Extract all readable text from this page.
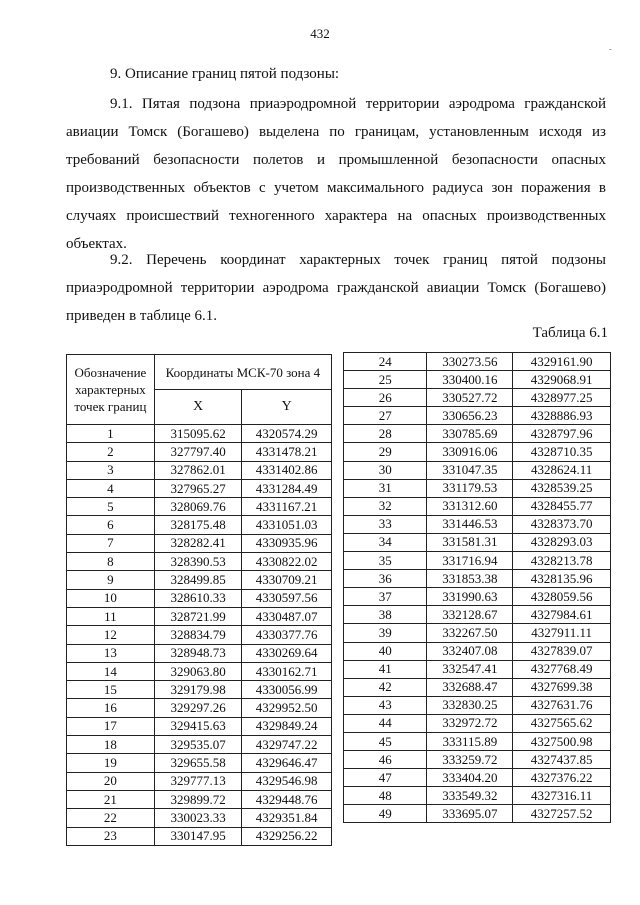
432
-
9. Описание границ пятой подзоны:

9.1. Пятая подзона приаэродромной территории аэродрома гражданской авиации Томск (Богашево) выделена по границам, установленным исходя из требований безопасности полетов и промышленной безопасности опасных производственных объектов с учетом максимального радиуса зон поражения в случаях происшествий техногенного характера на опасных производственных объектах.

9.2. Перечень координат характерных точек границ пятой подзоны приаэродромной территории аэродрома гражданской авиации Томск (Богашево) приведен в таблице 6.1.

Таблица 6.1
Обозначение характерных точек границ	Координаты МСК-70 зона 4	
	X	Y
1	315095.62	4320574.29
2	327797.40	4331478.21
3	327862.01	4331402.86
4	327965.27	4331284.49
5	328069.76	4331167.21
6	328175.48	4331051.03
7	328282.41	4330935.96
8	328390.53	4330822.02
9	328499.85	4330709.21
10	328610.33	4330597.56
11	328721.99	4330487.07
12	328834.79	4330377.76
13	328948.73	4330269.64
14	329063.80	4330162.71
15	329179.98	4330056.99
16	329297.26	4329952.50
17	329415.63	4329849.24
18	329535.07	4329747.22
19	329655.58	4329646.47
20	329777.13	4329546.98
21	329899.72	4329448.76
22	330023.33	4329351.84
23	330147.95	4329256.22
24	330273.56	4329161.90
25	330400.16	4329068.91
26	330527.72	4328977.25
27	330656.23	4328886.93
28	330785.69	4328797.96
29	330916.06	4328710.35
30	331047.35	4328624.11
31	331179.53	4328539.25
32	331312.60	4328455.77
33	331446.53	4328373.70
34	331581.31	4328293.03
35	331716.94	4328213.78
36	331853.38	4328135.96
37	331990.63	4328059.56
38	332128.67	4327984.61
39	332267.50	4327911.11
40	332407.08	4327839.07
41	332547.41	4327768.49
42	332688.47	4327699.38
43	332830.25	4327631.76
44	332972.72	4327565.62
45	333115.89	4327500.98
46	333259.72	4327437.85
47	333404.20	4327376.22
48	333549.32	4327316.11
49	333695.07	4327257.52
